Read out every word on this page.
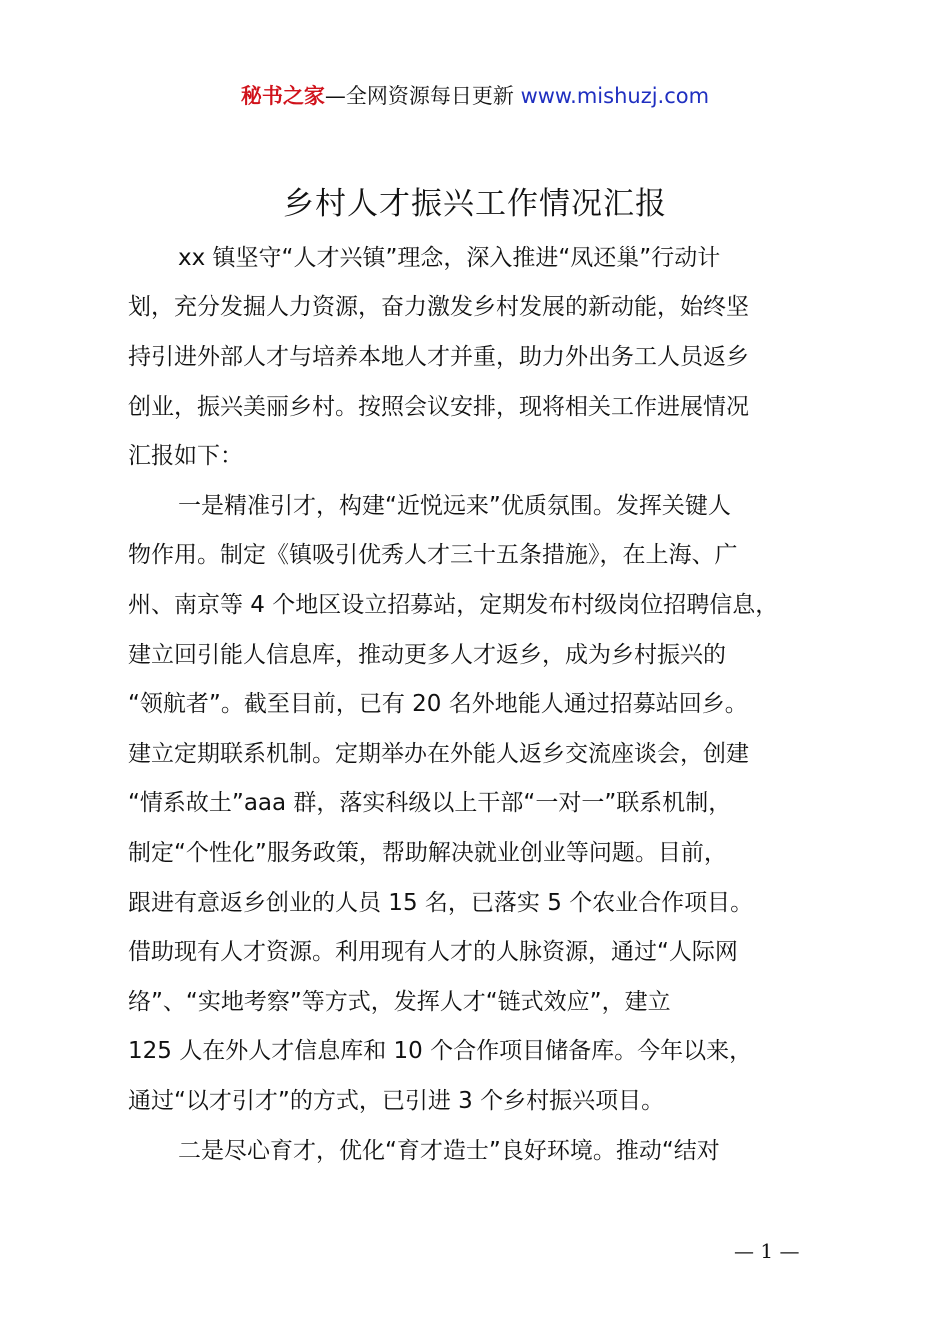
秘书之家—全网资源每日更新 www.mishuzj.com
乡村人才振兴工作情况汇报
xx 镇坚守“人才兴镇”理念，深入推进“凤还巢”行动计
划，充分发掘人力资源，奋力激发乡村发展的新动能，始终坚
持引进外部人才与培养本地人才并重，助力外出务工人员返乡
创业，振兴美丽乡村。按照会议安排，现将相关工作进展情况
汇报如下：
一是精准引才，构建“近悦远来”优质氛围。发挥关键人
物作用。制定《镇吸引优秀人才三十五条措施》，在上海、广
州、南京等 4 个地区设立招募站，定期发布村级岗位招聘信息，
建立回引能人信息库，推动更多人才返乡，成为乡村振兴的
“领航者”。截至目前，已有 20 名外地能人通过招募站回乡。
建立定期联系机制。定期举办在外能人返乡交流座谈会，创建
“情系故土”aaa 群，落实科级以上干部“一对一”联系机制，
制定“个性化”服务政策，帮助解决就业创业等问题。目前，
跟进有意返乡创业的人员 15 名，已落实 5 个农业合作项目。
借助现有人才资源。利用现有人才的人脉资源，通过“人际网
络”、“实地考察”等方式，发挥人才“链式效应”，建立
125 人在外人才信息库和 10 个合作项目储备库。今年以来，
通过“以才引才”的方式，已引进 3 个乡村振兴项目。
二是尽心育才，优化“育才造士”良好环境。推动“结对
— 1 —
